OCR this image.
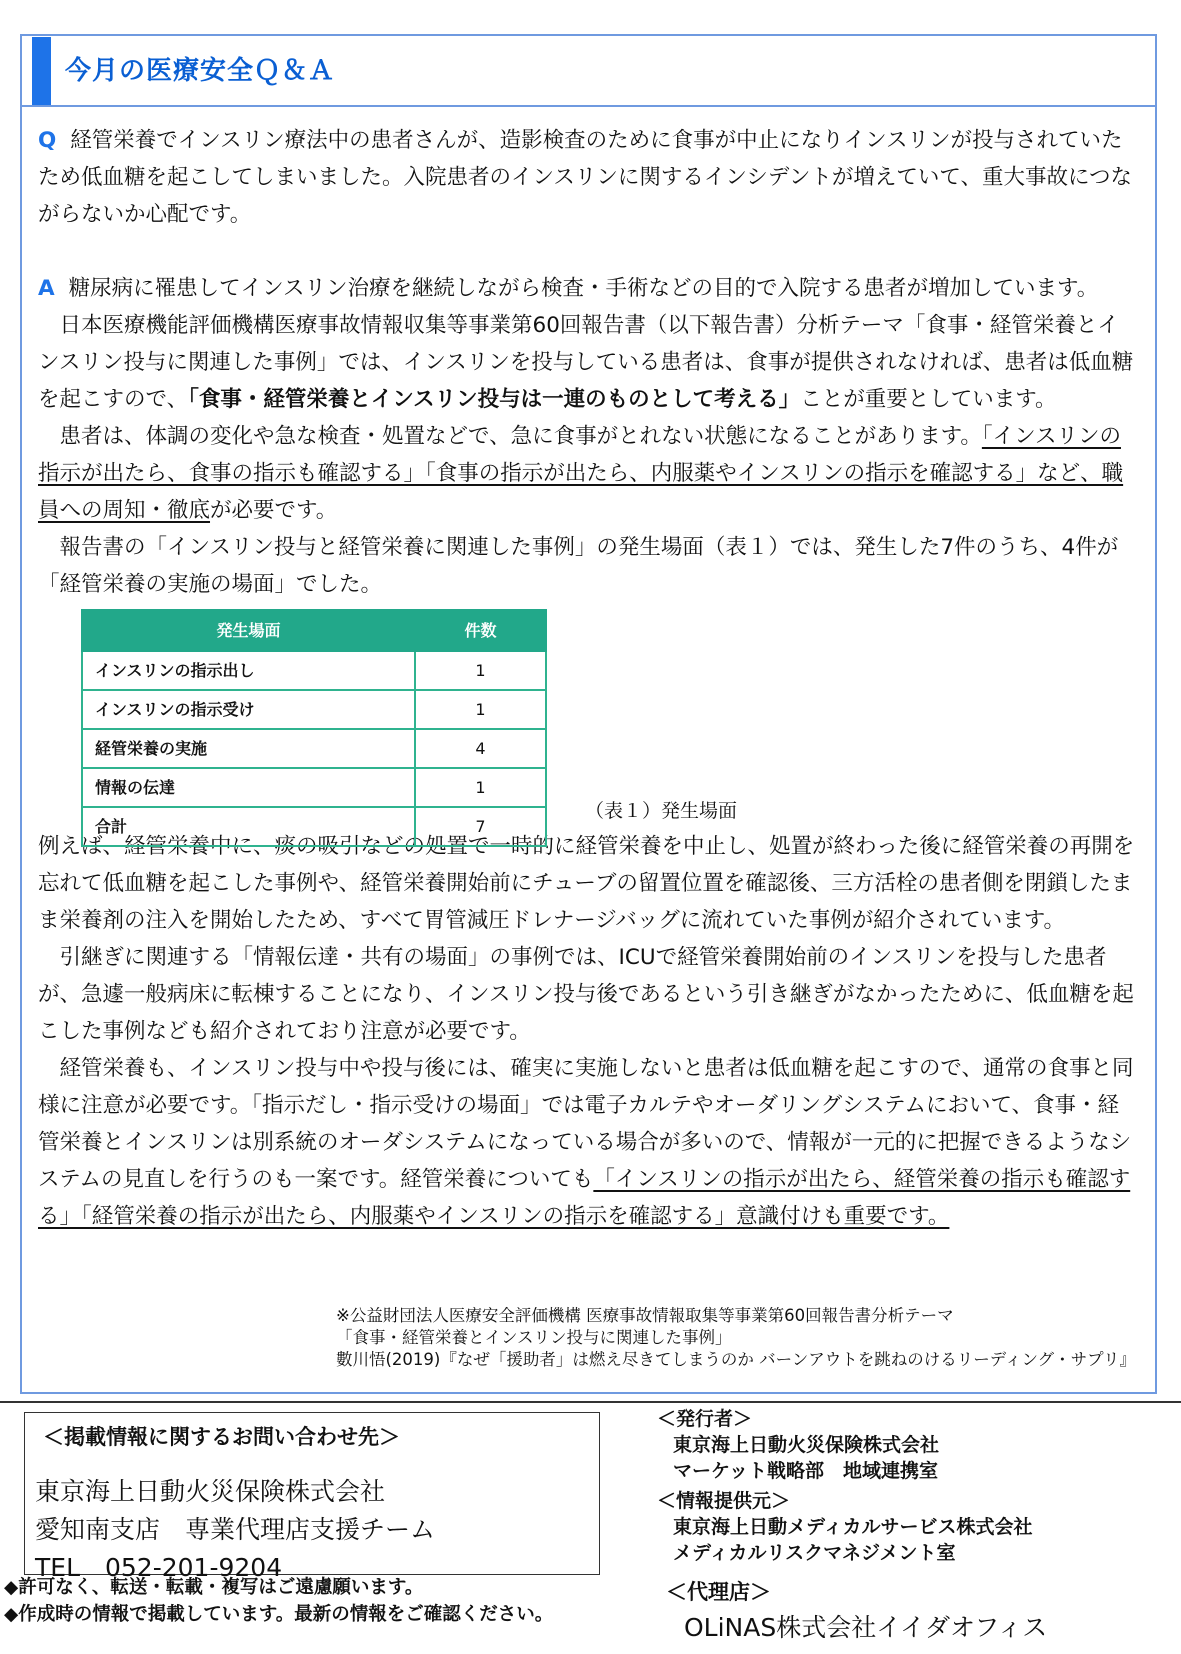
今月の医療安全Ｑ＆Ａ

Q 経管栄養でインスリン療法中の患者さんが、造影検査のために食事が中止になりインスリンが投与されていたため低血糖を起こしてしまいました。入院患者のインスリンに関するインシデントが増えていて、重大事故につながらないか心配です。

A 糖尿病に罹患してインスリン治療を継続しながら検査・手術などの目的で入院する患者が増加しています。

　日本医療機能評価機構医療事故情報収集等事業第60回報告書（以下報告書）分析テーマ「食事・経管栄養とインスリン投与に関連した事例」では、インスリンを投与している患者は、食事が提供されなければ、患者は低血糖を起こすので、「食事・経管栄養とインスリン投与は一連のものとして考える」ことが重要としています。

　患者は、体調の変化や急な検査・処置などで、急に食事がとれない状態になることがあります。「インスリンの指示が出たら、食事の指示も確認する」「食事の指示が出たら、内服薬やインスリンの指示を確認する」など、職員への周知・徹底が必要です。

　報告書の「インスリン投与と経管栄養に関連した事例」の発生場面（表１）では、発生した7件のうち、4件が「経管栄養の実施の場面」でした。

発生場面	件数
インスリンの指示出し	1
インスリンの指示受け	1
経管栄養の実施	4
情報の伝達	1
合計	7
（表１）発生場面

例えば、経管栄養中に、痰の吸引などの処置で一時的に経管栄養を中止し、処置が終わった後に経管栄養の再開を忘れて低血糖を起こした事例や、経管栄養開始前にチューブの留置位置を確認後、三方活栓の患者側を閉鎖したまま栄養剤の注入を開始したため、すべて胃管減圧ドレナージバッグに流れていた事例が紹介されています。

　引継ぎに関連する「情報伝達・共有の場面」の事例では、ICUで経管栄養開始前のインスリンを投与した患者が、急遽一般病床に転棟することになり、インスリン投与後であるという引き継ぎがなかったために、低血糖を起こした事例なども紹介されており注意が必要です。

　経管栄養も、インスリン投与中や投与後には、確実に実施しないと患者は低血糖を起こすので、通常の食事と同様に注意が必要です。「指示だし・指示受けの場面」では電子カルテやオーダリングシステムにおいて、食事・経管栄養とインスリンは別系統のオーダシステムになっている場合が多いので、情報が一元的に把握できるようなシステムの見直しを行うのも一案です。経管栄養についても「インスリンの指示が出たら、経管栄養の指示も確認する」「経管栄養の指示が出たら、内服薬やインスリンの指示を確認する」意識付けも重要です。

※公益財団法人医療安全評価機構 医療事故情報取集等事業第60回報告書分析テーマ
「食事・経管栄養とインスリン投与に関連した事例」
數川悟(2019)『なぜ「援助者」は燃え尽きてしまうのか バーンアウトを跳ねのけるリーディング・サプリ』
＜掲載情報に関するお問い合わせ先＞
東京海上日動火災保険株式会社
愛知南支店　専業代理店支援チーム
TEL　052-201-9204
◆許可なく、転送・転載・複写はご遠慮願います。
◆作成時の情報で掲載しています。最新の情報をご確認ください。
＜発行者＞
東京海上日動火災保険株式会社
マーケット戦略部　地域連携室
＜情報提供元＞
東京海上日動メディカルサービス株式会社
メディカルリスクマネジメント室
＜代理店＞
OLiNAS株式会社イイダオフィス
